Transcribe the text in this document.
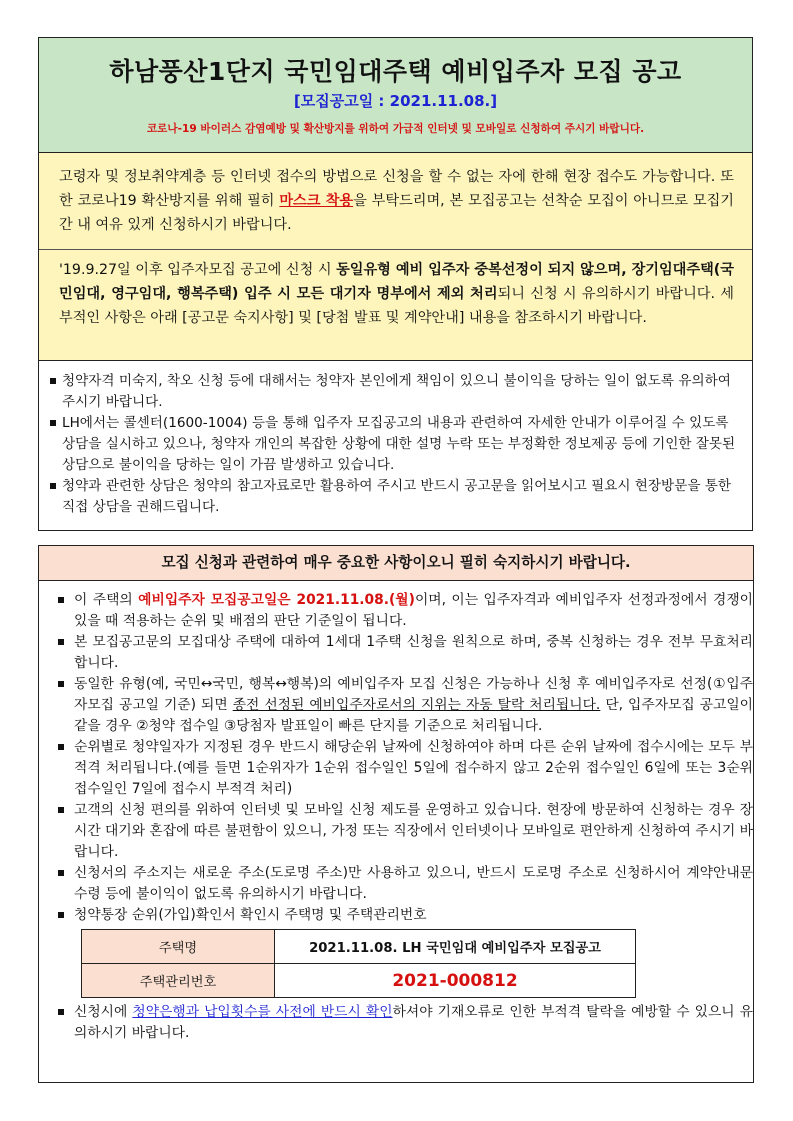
하남풍산1단지 국민임대주택 예비입주자 모집 공고
[모집공고일 : 2021.11.08.]
코로나-19 바이러스 감염예방 및 확산방지를 위하여 가급적 인터넷 및 모바일로 신청하여 주시기 바랍니다.
고령자 및 정보취약계층 등 인터넷 접수의 방법으로 신청을 할 수 없는 자에 한해 현장 접수도 가능합니다. 또한 코로나19 확산방지를 위해 필히 마스크 착용을 부탁드리며, 본 모집공고는 선착순 모집이 아니므로 모집기간 내 여유 있게 신청하시기 바랍니다.
'19.9.27일 이후 입주자모집 공고에 신청 시 동일유형 예비 입주자 중복선정이 되지 않으며, 장기임대주택(국민임대, 영구임대, 행복주택) 입주 시 모든 대기자 명부에서 제외 처리되니 신청 시 유의하시기 바랍니다. 세부적인 사항은 아래 [공고문 숙지사항] 및 [당첨 발표 및 계약안내] 내용을 참조하시기 바랍니다.
청약자격 미숙지, 착오 신청 등에 대해서는 청약자 본인에게 책임이 있으니 불이익을 당하는 일이 없도록 유의하여 주시기 바랍니다.
LH에서는 콜센터(1600-1004) 등을 통해 입주자 모집공고의 내용과 관련하여 자세한 안내가 이루어질 수 있도록 상담을 실시하고 있으나, 청약자 개인의 복잡한 상황에 대한 설명 누락 또는 부정확한 정보제공 등에 기인한 잘못된 상담으로 불이익을 당하는 일이 가끔 발생하고 있습니다.
청약과 관련한 상담은 청약의 참고자료로만 활용하여 주시고 반드시 공고문을 읽어보시고 필요시 현장방문을 통한 직접 상담을 권해드립니다.
모집 신청과 관련하여 매우 중요한 사항이오니 필히 숙지하시기 바랍니다.
이 주택의 예비입주자 모집공고일은 2021.11.08.(월)이며, 이는 입주자격과 예비입주자 선정과정에서 경쟁이 있을 때 적용하는 순위 및 배점의 판단 기준일이 됩니다.
본 모집공고문의 모집대상 주택에 대하여 1세대 1주택 신청을 원칙으로 하며, 중복 신청하는 경우 전부 무효처리 합니다.
동일한 유형(예, 국민↔국민, 행복↔행복)의 예비입주자 모집 신청은 가능하나 신청 후 예비입주자로 선정(①입주자모집 공고일 기준) 되면 종전 선정된 예비입주자로서의 지위는 자동 탈락 처리됩니다. 단, 입주자모집 공고일이 같을 경우 ②청약 접수일 ③당첨자 발표일이 빠른 단지를 기준으로 처리됩니다.
순위별로 청약일자가 지정된 경우 반드시 해당순위 날짜에 신청하여야 하며 다른 순위 날짜에 접수시에는 모두 부적격 처리됩니다.(예를 들면 1순위자가 1순위 접수일인 5일에 접수하지 않고 2순위 접수일인 6일에 또는 3순위 접수일인 7일에 접수시 부적격 처리)
고객의 신청 편의를 위하여 인터넷 및 모바일 신청 제도를 운영하고 있습니다. 현장에 방문하여 신청하는 경우 장시간 대기와 혼잡에 따른 불편함이 있으니, 가정 또는 직장에서 인터넷이나 모바일로 편안하게 신청하여 주시기 바랍니다.
신청서의 주소지는 새로운 주소(도로명 주소)만 사용하고 있으니, 반드시 도로명 주소로 신청하시어 계약안내문 수령 등에 불이익이 없도록 유의하시기 바랍니다.
청약통장 순위(가입)확인서 확인시 주택명 및 주택관리번호
주택명	2021.11.08. LH 국민임대 예비입주자 모집공고
주택관리번호	2021-000812
신청시에 청약은행과 납입횟수를 사전에 반드시 확인하셔야 기재오류로 인한 부적격 탈락을 예방할 수 있으니 유의하시기 바랍니다.
